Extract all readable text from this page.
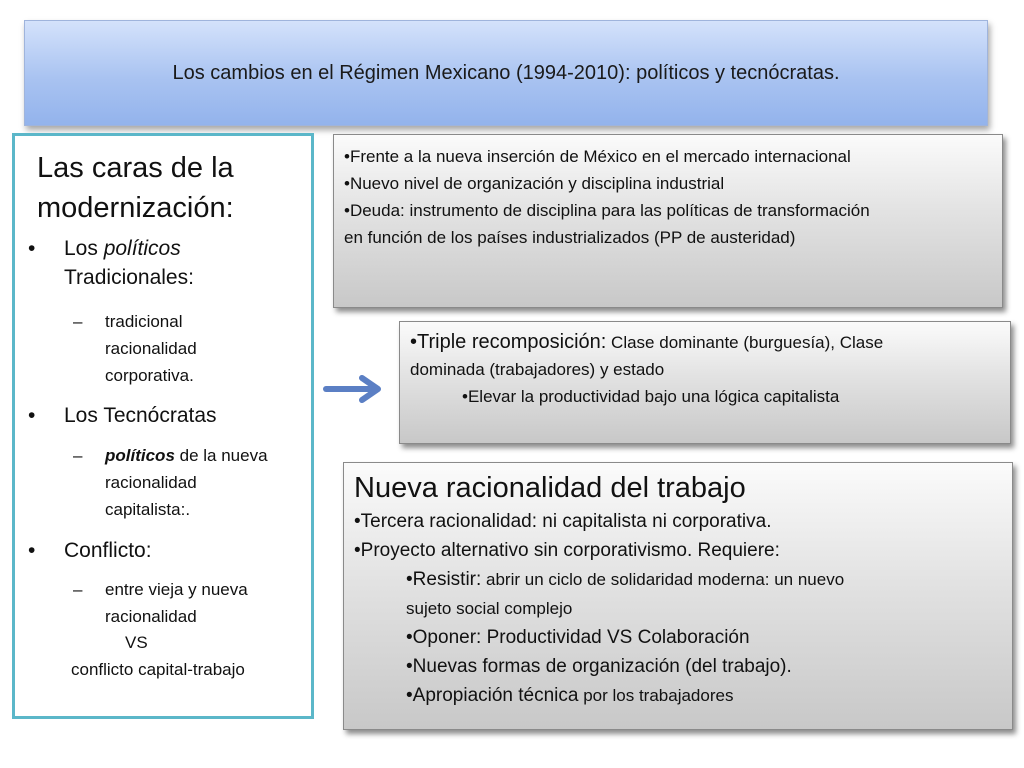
Los cambios en el Régimen Mexicano (1994-2010): políticos y tecnócratas.
Las caras de la
modernización:
• Los políticos
Tradicionales:
– tradicional
racionalidad
corporativa.
• Los Tecnócratas
– políticos de la nueva
racionalidad
capitalista:.
• Conflicto:
– entre vieja y nueva
racionalidad
VS
conflicto capital-trabajo
•Frente a la nueva inserción de México en el mercado internacional
•Nuevo nivel de organización y disciplina industrial
•Deuda: instrumento de disciplina para las políticas de transformación
en función de los países industrializados (PP de austeridad)
•Triple recomposición: Clase dominante (burguesía), Clase
dominada (trabajadores) y estado
•Elevar la productividad bajo una lógica capitalista
Nueva racionalidad del trabajo
•Tercera racionalidad: ni capitalista ni corporativa.
•Proyecto alternativo sin corporativismo. Requiere:
•Resistir: abrir un ciclo de solidaridad moderna: un nuevo
sujeto social complejo
•Oponer: Productividad VS Colaboración
•Nuevas formas de organización (del trabajo).
•Apropiación técnica por los trabajadores
